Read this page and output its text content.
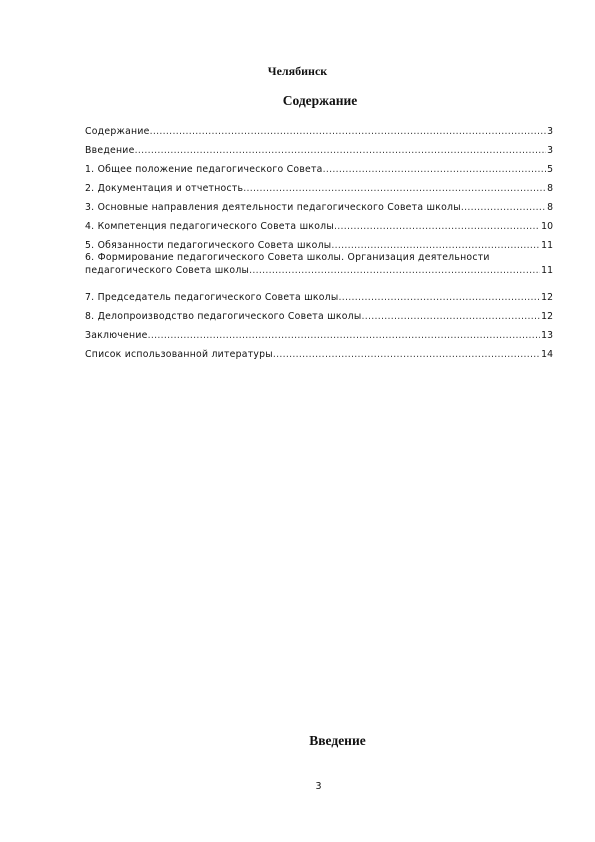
Челябинск
Содержание
Содержание .....	3
Введение .....	3
1. Общее положение педагогического Совета .....	5
2. Документация и отчетность .....	8
3. Основные направления деятельности педагогического Совета школы .....	8
4. Компетенция педагогического Совета школы .....	10
5. Обязанности педагогического Совета школы .....	11
6. Формирование педагогического Совета школы. Организация деятельности
педагогического Совета школы .....	11
7. Председатель педагогического Совета школы .....	12
8. Делопроизводство педагогического Совета школы .....	12
Заключение .....	13
Список использованной литературы .....	14
Введение
3
